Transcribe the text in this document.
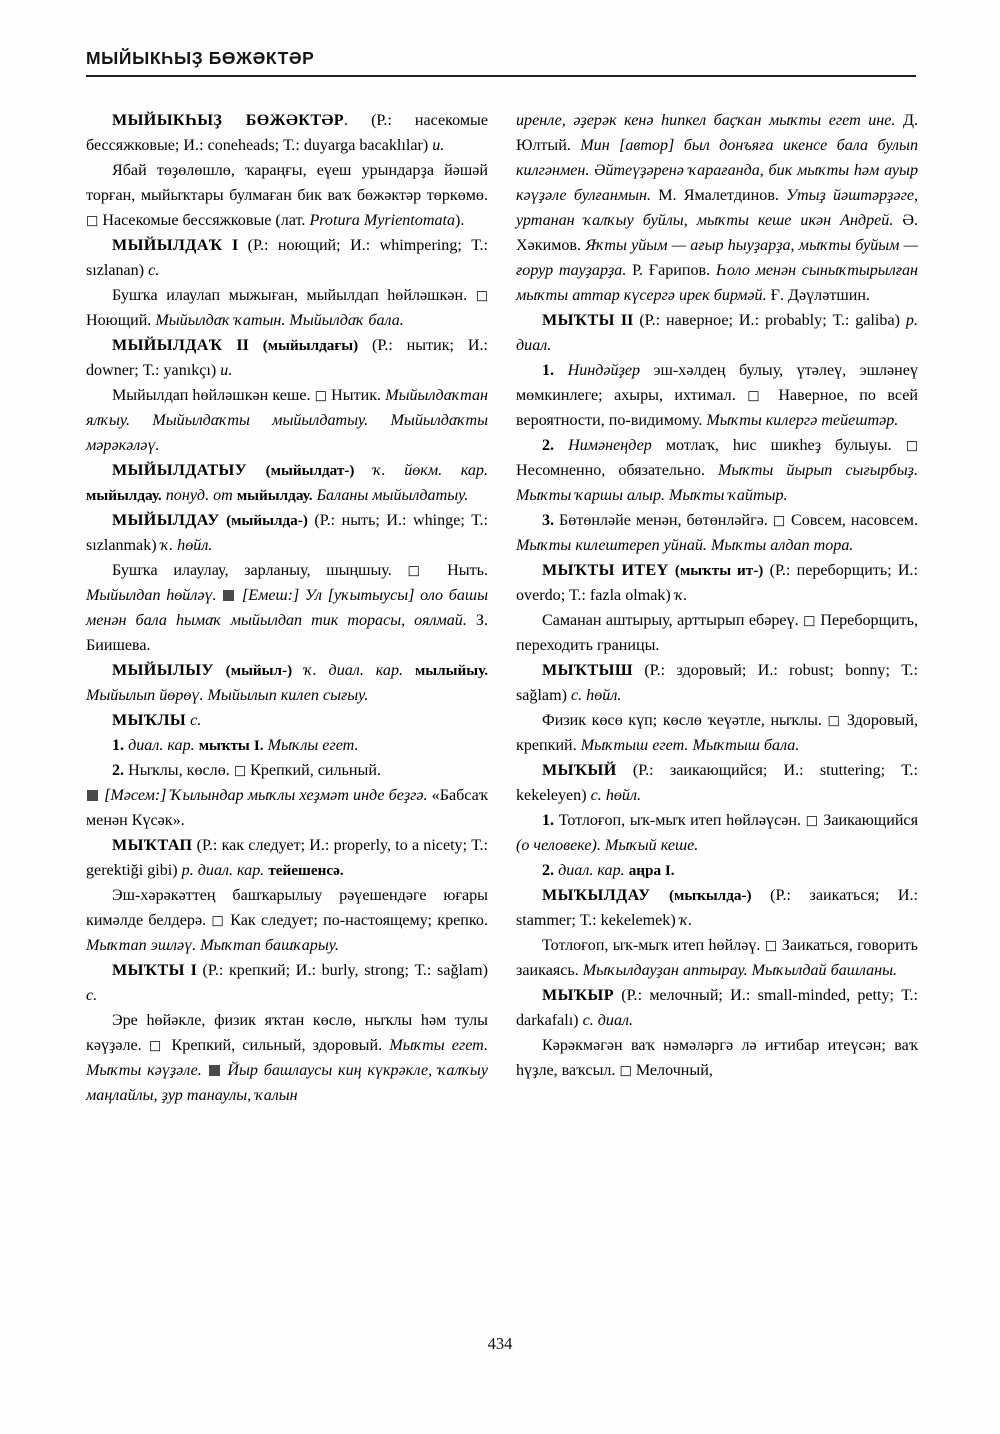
МЫЙЫКҺЫҘ БӨЖӘКТӘР

МЫЙЫКҺЫҘ БӨЖӘКТӘР. (Р.: насекомые бессяжковые; И.: coneheads; Т.: duyarga bacaklılar) и.

Ябай төҙөлөшлө, ҡараңғы, еүеш урындарҙа йәшәй торған, мыйыҡтары булмаған бик ваҡ бөжәктәр төркөмө. □ Насекомые бессяжковые (лат. Protura Myrientomata).

МЫЙЫЛДАҠ I (Р.: ноющий; И.: whimpering; Т.: sızlanan) с.

Бушҡа илаулап мыжыған, мыйылдап һөйләшкән. □ Ноющий. Мыйылдаҡ ҡатын. Мыйылдаҡ бала.

МЫЙЫЛДАҠ II (мыйылдағы) (Р.: нытик; И.: downer; Т.: yanıkçı) и.

Мыйылдап һөйләшкән кеше. □ Нытик. Мыйылдаҡтан ялҡыу. Мыйылдаҡты мыйылдатыу. Мыйылдаҡты мәрәкәләү.

МЫЙЫЛДАТЫУ (мыйылдат-) ҡ. йөкм. кар. мыйылдау. понуд. от мыйылдау. Баланы мыйылдатыу.

МЫЙЫЛДАУ (мыйылда-) (Р.: ныть; И.: whinge; Т.: sızlanmak) ҡ. һөйл.

Бушҡа илаулау, зарланыу, шыңшыу. □ Ныть. Мыйылдап һөйләү. [Емеш:] Ул [уҡытыусы] оло башы менән бала һымаҡ мыйылдап тик торасы, оялмай. З. Биишева.

МЫЙЫЛЫУ (мыйыл-) ҡ. диал. кар. мылыйыу. Мыйылып йөрөү. Мыйылып килеп сығыу.

МЫҠЛЫ с.

1. диал. кар. мыҡты I. Мыҡлы егет.

2. Ныҡлы, көслө. □ Крепкий, сильный.

[Мәсем:] Ҡылындар мыҡлы хеҙмәт инде беҙгә. «Бабсаҡ менән Күсәк».

МЫҠТАП (Р.: как следует; И.: properly, to a nicety; Т.: gerektiği gibi) р. диал. кар. тейешенсә.

Эш-хәрәкәттең башҡарылыу рәүешендәге юғары кимәлде белдерә. □ Как следует; по-настоящему; крепко. Мыҡтап эшләү. Мыҡтап башҡарыу.

МЫҠТЫ I (Р.: крепкий; И.: burly, strong; Т.: sağlam) с.

Эре һөйәкле, физик яҡтан көслө, ныҡлы һәм тулы кәүҙәле. □ Крепкий, сильный, здоровый. Мыҡты егет. Мыҡты кәүҙәле. Йыр башлаусы киң күкрәкле, ҡалҡыу маңлайлы, ҙур танаулы, ҡалын

иренле, әҙерәк кенә һипкел баҫҡан мыҡты егет ине. Д. Юлтый. Мин [автор] был донъяға икенсе бала булып килгәнмен. Әйтеүҙәренә ҡарағанда, бик мыҡты һәм ауыр кәүҙәле булғанмын. М. Ямалетдинов. Утыҙ йәштәрҙәге, уртанан ҡалҡыу буйлы, мыҡты кеше икән Андрей. Ә. Хәкимов. Яҡты уйым — ағыр һыуҙарҙа, мыҡты буйым — ғорур тауҙарҙа. Р. Ғарипов. Һоло менән сыныҡтырылған мыҡты аттар күсергә ирек бирмәй. Ғ. Дәүләтшин.

МЫҠТЫ II (Р.: наверное; И.: probably; Т.: galiba) р. диал.

1. Ниндәйҙер эш-хәлдең булыу, үтәлеү, эшләнеү мөмкинлеге; ахыры, ихтимал. □ Наверное, по всей вероятности, по-видимому. Мыҡты килергә тейештәр.

2. Нимәнеңдер мотлаҡ, һис шикһеҙ булыуы. □ Несомненно, обязательно. Мыҡты йырып сығырбыҙ. Мыҡты ҡаршы алыр. Мыҡты ҡайтыр.

3. Бөтөнләйе менән, бөтөнләйгә. □ Совсем, насовсем. Мыҡты килештереп уйнай. Мыҡты алдап тора.

МЫҠТЫ ИТЕҮ (мыҡты ит-) (Р.: переборщить; И.: overdo; Т.: fazla olmak) ҡ.

Саманан аштырыу, арттырып ебәреү. □ Переборщить, переходить границы.

МЫҠТЫШ (Р.: здоровый; И.: robust; bonny; Т.: sağlam) с. һөйл.

Физик көсө күп; көслө ҡеүәтле, ныҡлы. □ Здоровый, крепкий. Мыҡтыш егет. Мыҡтыш бала.

МЫҠЫЙ (Р.: заикающийся; И.: stuttering; Т.: kekeleyen) с. һөйл.

1. Тотлоғоп, ыҡ-мыҡ итеп һөйләүсән. □ Заикающийся (о человеке). Мыҡый кеше.

2. диал. кар. аңра I.

МЫҠЫЛДАУ (мыҡылда-) (Р.: заикаться; И.: stammer; Т.: kekelemek) ҡ.

Тотлоғоп, ыҡ-мыҡ итеп һөйләү. □ Заикаться, говорить заикаясь. Мыҡылдауҙан аптырау. Мыҡылдай башланы.

МЫҠЫР (Р.: мелочный; И.: small-minded, petty; Т.: darkafalı) с. диал.

Кәрәкмәгән ваҡ нәмәләргә лә иғтибар итеүсән; ваҡ һүҙле, ваҡсыл. □ Мелочный,

434
